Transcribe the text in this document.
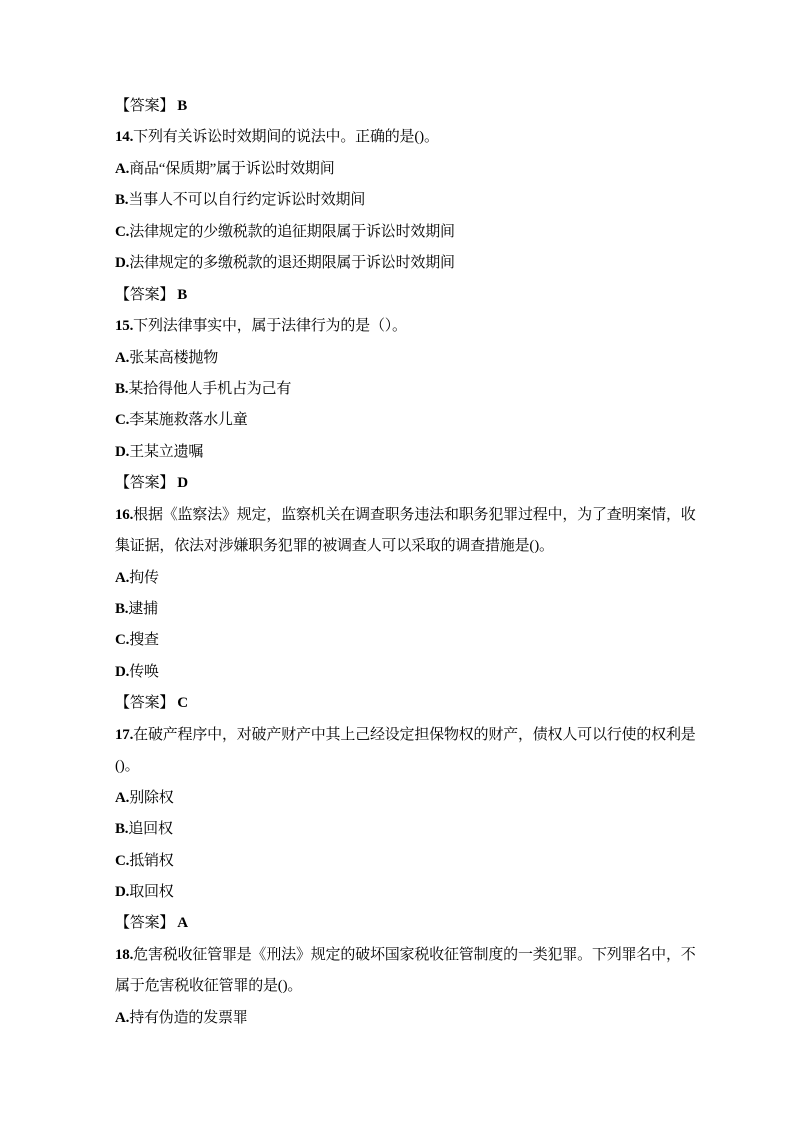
【答案】 B
14.下列有关诉讼时效期间的说法中。正确的是()。
A.商品“保质期”属于诉讼时效期间
B.当事人不可以自行约定诉讼时效期间
C.法律规定的少缴税款的追征期限属于诉讼时效期间
D.法律规定的多缴税款的退还期限属于诉讼时效期间
【答案】 B
15.下列法律事实中，属于法律行为的是（）。
A.张某高楼抛物
B.某拾得他人手机占为己有
C.李某施救落水儿童
D.王某立遗嘱
【答案】 D
16.根据《监察法》规定，监察机关在调查职务违法和职务犯罪过程中，为了查明案情，收
集证据，依法对涉嫌职务犯罪的被调查人可以采取的调查措施是()。
A.拘传
B.逮捕
C.搜查
D.传唤
【答案】 C
17.在破产程序中，对破产财产中其上己经设定担保物权的财产，债权人可以行使的权利是
()。
A.别除权
B.追回权
C.抵销权
D.取回权
【答案】 A
18.危害税收征管罪是《刑法》规定的破坏国家税收征管制度的一类犯罪。下列罪名中，不
属于危害税收征管罪的是()。
A.持有伪造的发票罪
